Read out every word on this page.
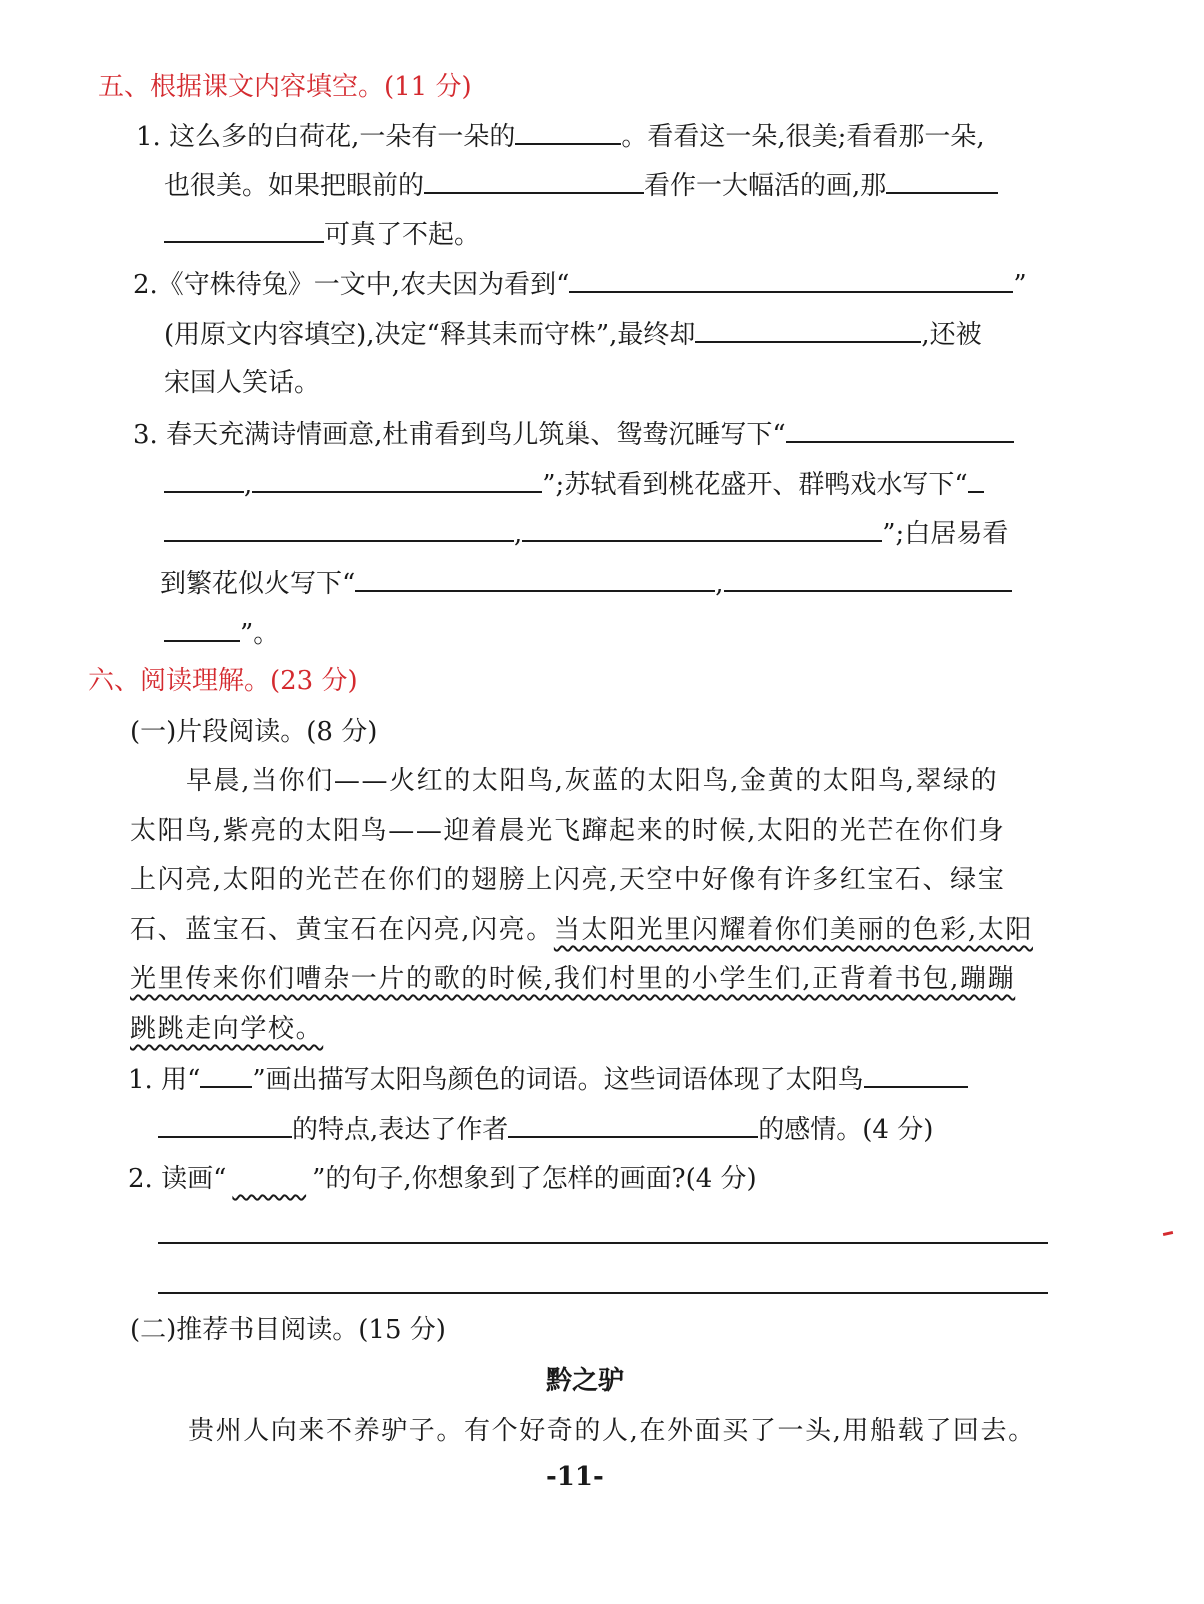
五、根据课文内容填空。(11 分)
1. 这么多的白荷花,一朵有一朵的	。看看这一朵,很美;看看那一朵,
也很美。如果把眼前的	看作一大幅活的画,那
可真了不起。
2.《守株待兔》一文中,农夫因为看到“	”
(用原文内容填空),决定“释其耒而守株”,最终却	,还被
宋国人笑话。
3. 春天充满诗情画意,杜甫看到鸟儿筑巢、鸳鸯沉睡写下“
,	”;苏轼看到桃花盛开、群鸭戏水写下“
,	”;白居易看
到繁花似火写下“	,
”。
六、阅读理解。(23 分)
(一)片段阅读。(8 分)
早晨,当你们——火红的太阳鸟,灰蓝的太阳鸟,金黄的太阳鸟,翠绿的
太阳鸟,紫亮的太阳鸟——迎着晨光飞蹿起来的时候,太阳的光芒在你们身
上闪亮,太阳的光芒在你们的翅膀上闪亮,天空中好像有许多红宝石、绿宝
石、蓝宝石、黄宝石在闪亮,闪亮。当太阳光里闪耀着你们美丽的色彩,太阳
光里传来你们嘈杂一片的歌的时候,我们村里的小学生们,正背着书包,蹦蹦
跳跳走向学校。
1. 用“ ”画出描写太阳鸟颜色的词语。这些词语体现了太阳鸟
的特点,表达了作者	的感情。(4 分)
2. 读画“	”的句子,你想象到了怎样的画面?(4 分)
(二)推荐书目阅读。(15 分)
黔之驴
贵州人向来不养驴子。有个好奇的人,在外面买了一头,用船载了回去。
-11-
